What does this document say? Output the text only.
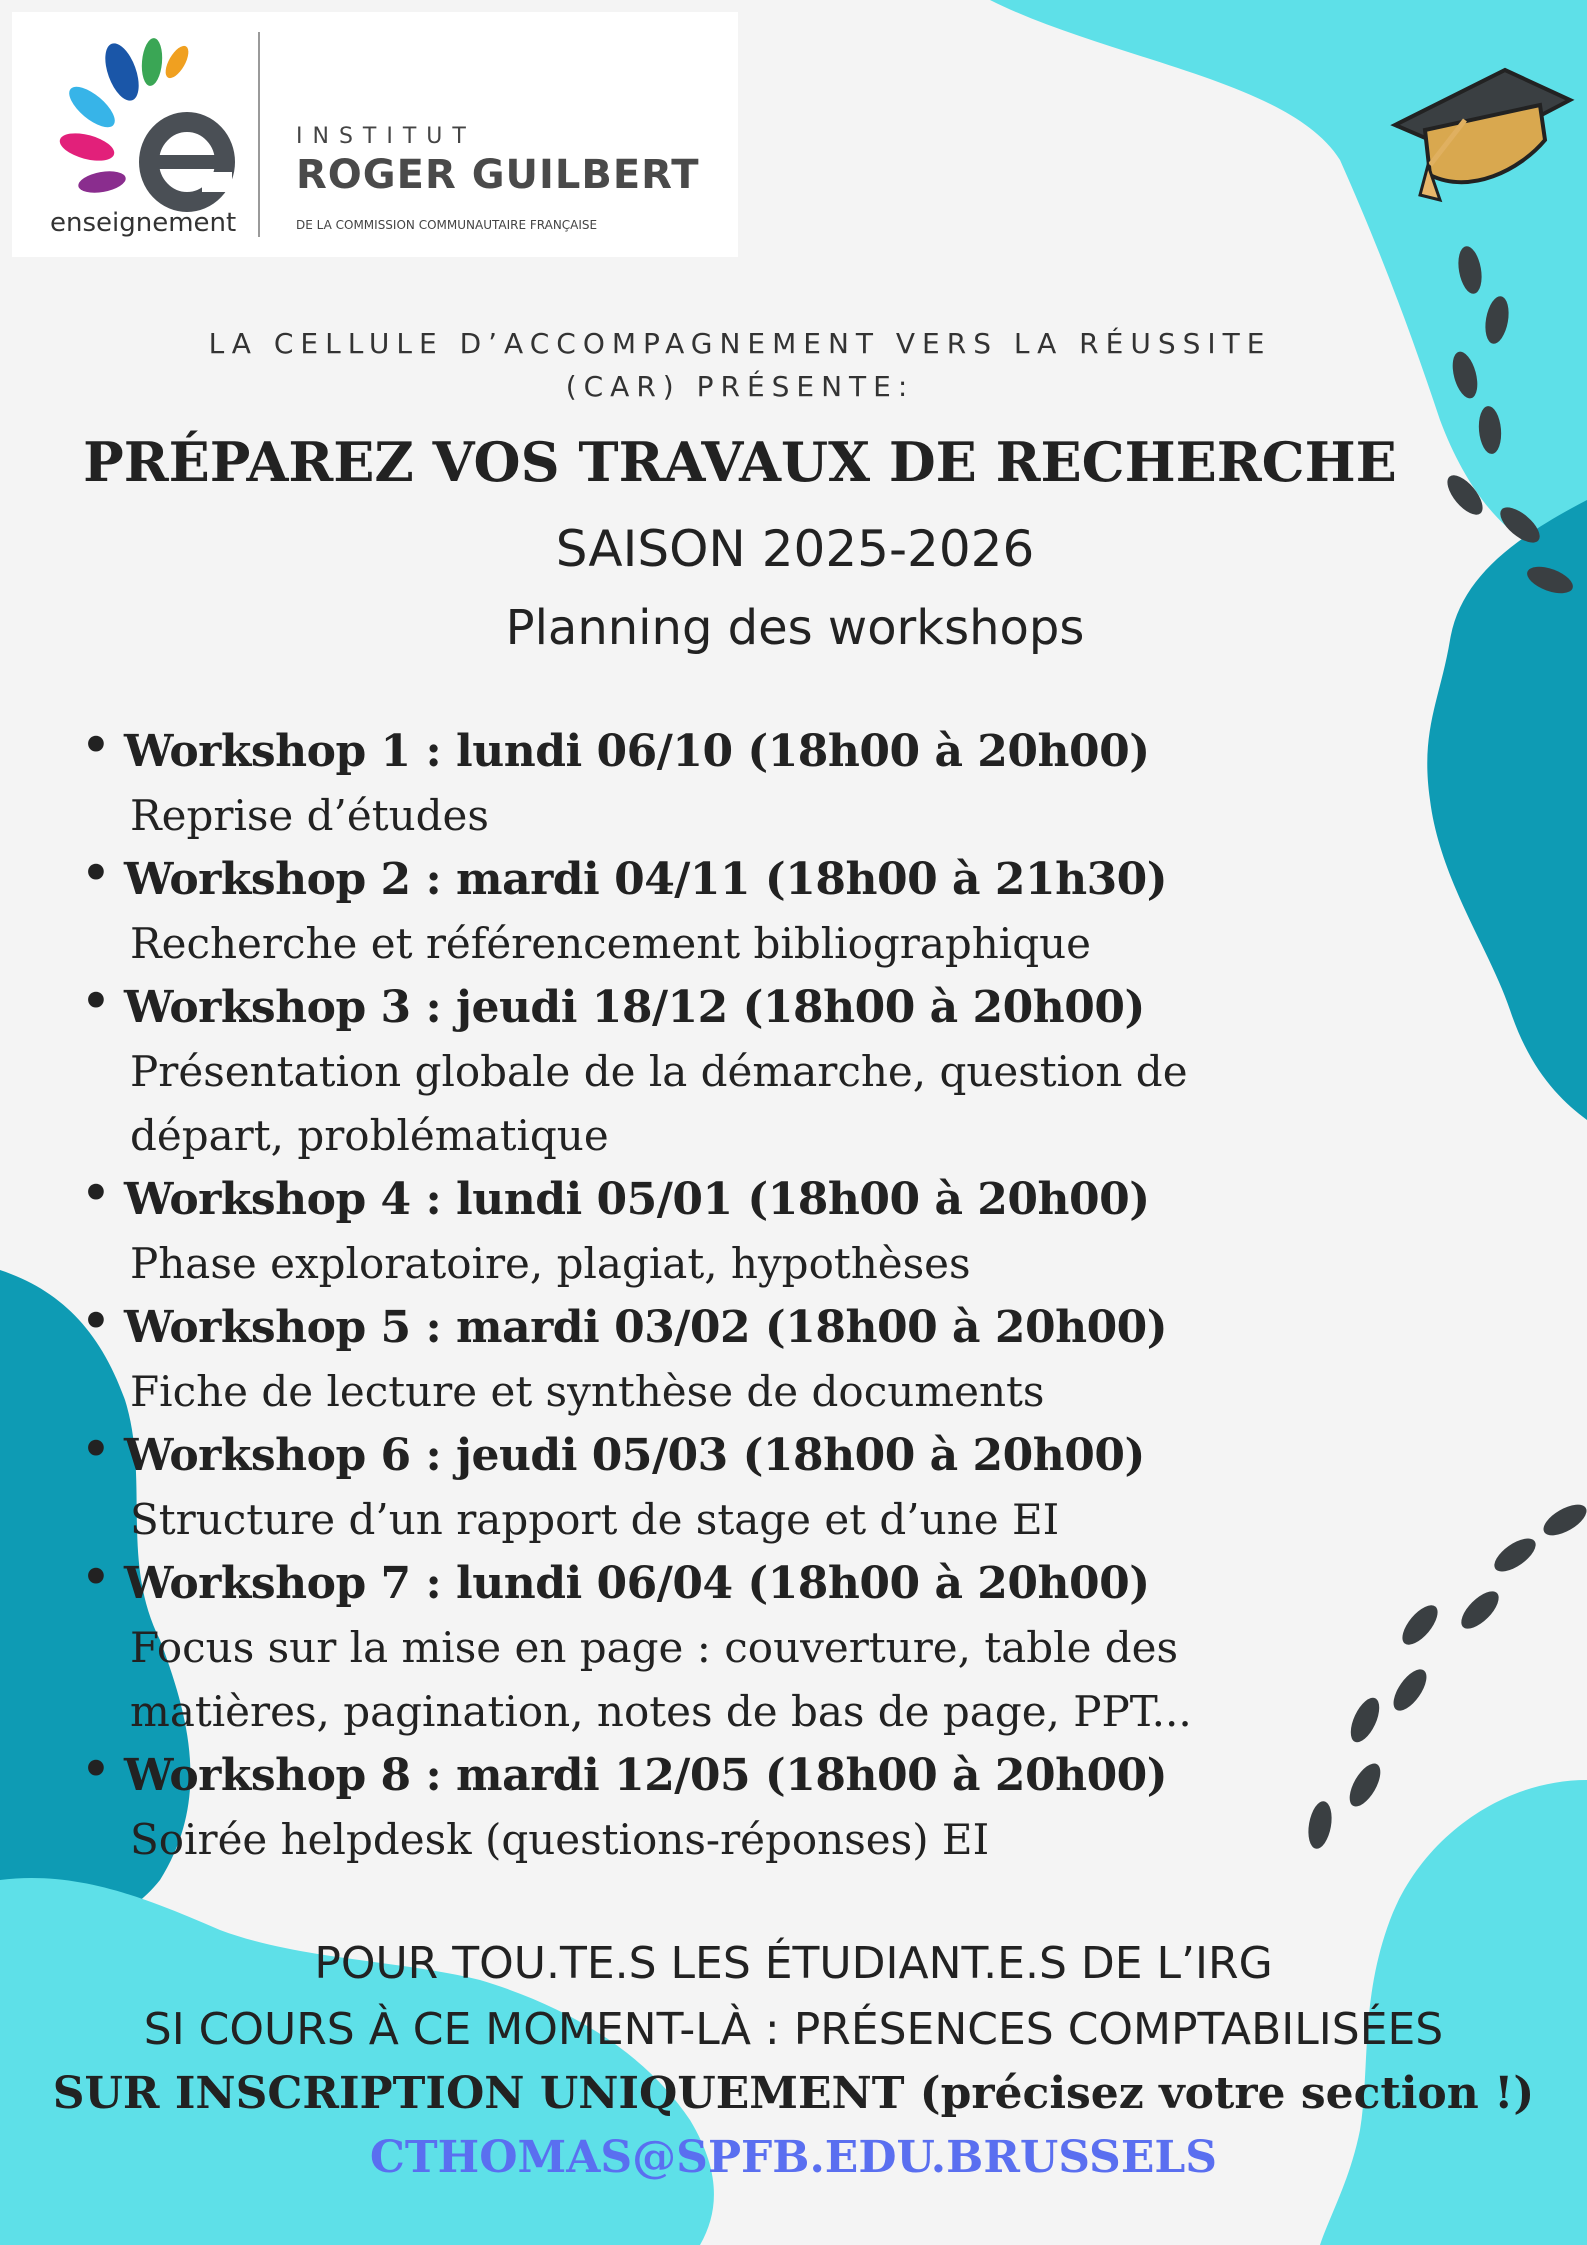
enseignement
INSTITUT
ROGER GUILBERT
DE LA COMMISSION COMMUNAUTAIRE FRANÇAISE
LA CELLULE D’ACCOMPAGNEMENT VERS LA RÉUSSITE
(CAR) PRÉSENTE:
PRÉPAREZ VOS TRAVAUX DE RECHERCHE
SAISON 2025-2026
Planning des workshops
• Workshop 1 : lundi 06/10 (18h00 à 20h00)
Reprise d’études
• Workshop 2 : mardi 04/11 (18h00 à 21h30)
Recherche et référencement bibliographique
• Workshop 3 : jeudi 18/12 (18h00 à 20h00)
Présentation globale de la démarche, question de départ, problématique
• Workshop 4 : lundi 05/01 (18h00 à 20h00)
Phase exploratoire, plagiat, hypothèses
• Workshop 5 : mardi 03/02 (18h00 à 20h00)
Fiche de lecture et synthèse de documents
• Workshop 6 : jeudi 05/03 (18h00 à 20h00)
Structure d’un rapport de stage et d’une EI
• Workshop 7 : lundi 06/04 (18h00 à 20h00)
Focus sur la mise en page : couverture, table des matières, pagination, notes de bas de page, PPT...
• Workshop 8 : mardi 12/05 (18h00 à 20h00)
Soirée helpdesk (questions-réponses) EI
POUR TOU.TE.S LES ÉTUDIANT.E.S DE L’IRG
SI COURS À CE MOMENT-LÀ : PRÉSENCES COMPTABILISÉES
SUR INSCRIPTION UNIQUEMENT (précisez votre section !)
CTHOMAS@SPFB.EDU.BRUSSELS
